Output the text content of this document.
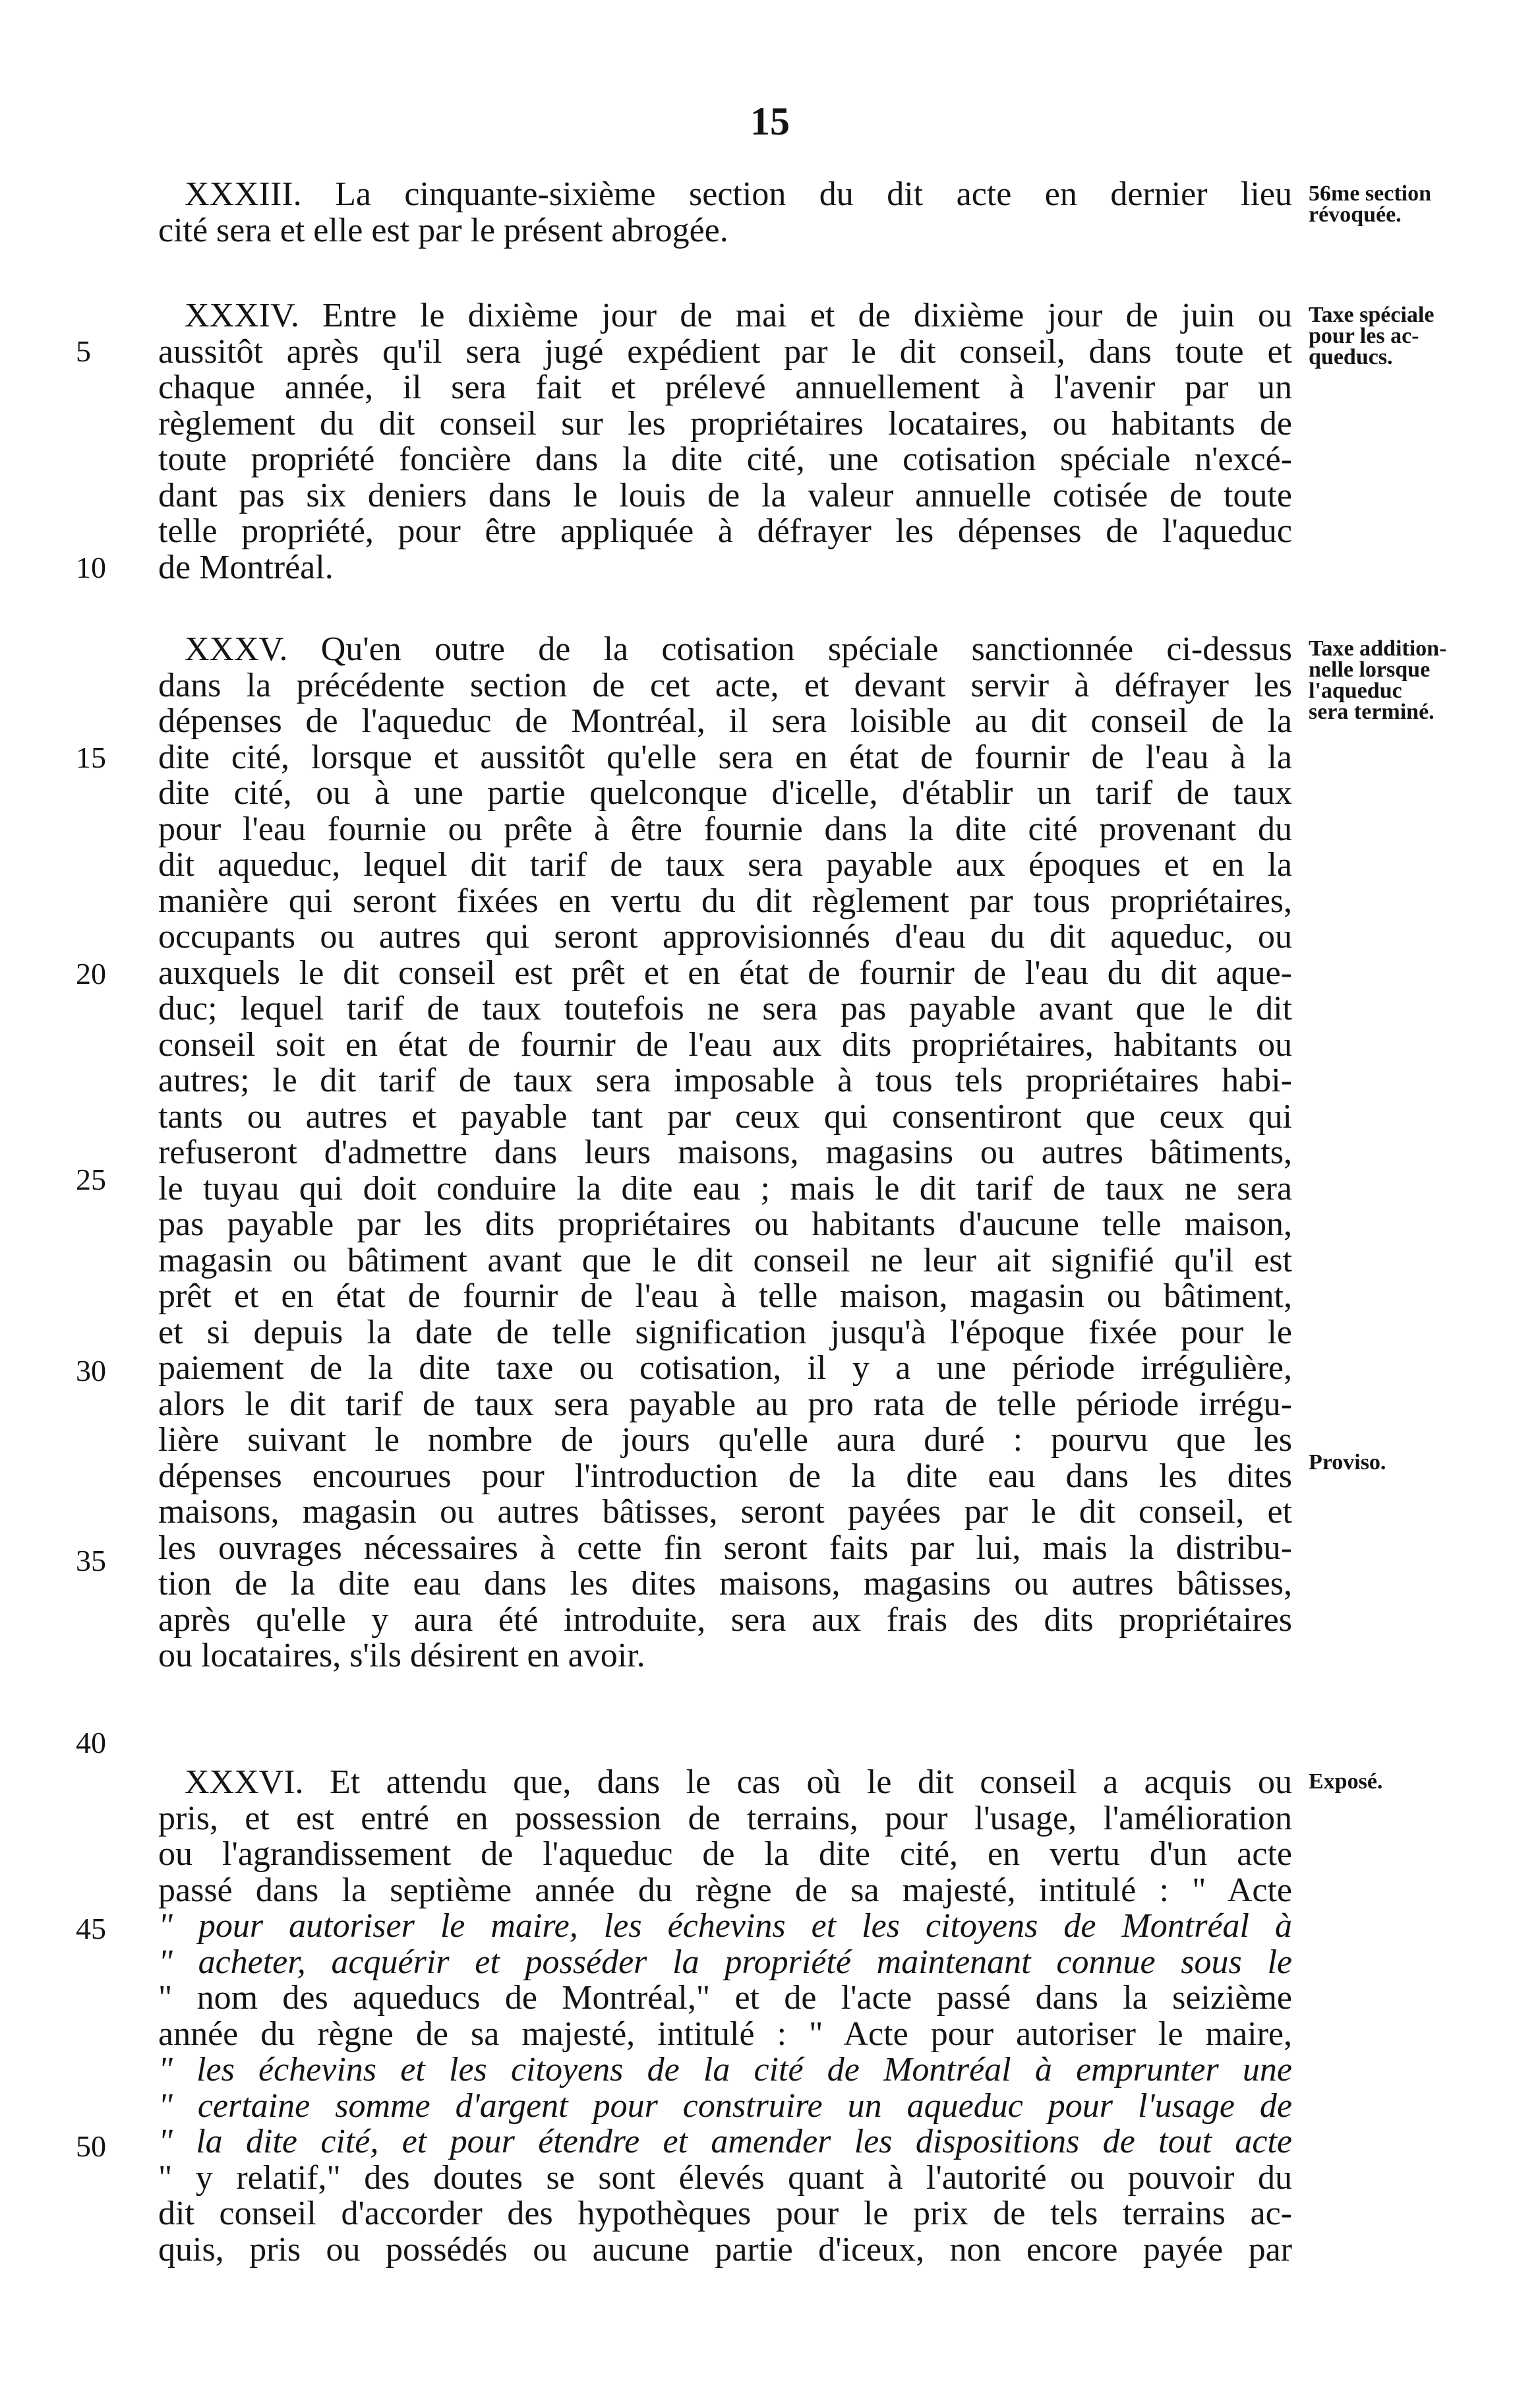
15
XXXIII. La cinquante-sixième section du dit acte en dernier lieu
cité sera et elle est par le présent abrogée.
XXXIV. Entre le dixième jour de mai et de dixième jour de juin ou
aussitôt après qu'il sera jugé expédient par le dit conseil, dans toute et
chaque année, il sera fait et prélevé annuellement à l'avenir par un
règlement du dit conseil sur les propriétaires locataires, ou habitants de
toute propriété foncière dans la dite cité, une cotisation spéciale n'excé-
dant pas six deniers dans le louis de la valeur annuelle cotisée de toute
telle propriété, pour être appliquée à défrayer les dépenses de l'aqueduc
de Montréal.
XXXV. Qu'en outre de la cotisation spéciale sanctionnée ci-dessus
dans la précédente section de cet acte, et devant servir à défrayer les
dépenses de l'aqueduc de Montréal, il sera loisible au dit conseil de la
dite cité, lorsque et aussitôt qu'elle sera en état de fournir de l'eau à la
dite cité, ou à une partie quelconque d'icelle, d'établir un tarif de taux
pour l'eau fournie ou prête à être fournie dans la dite cité provenant du
dit aqueduc, lequel dit tarif de taux sera payable aux époques et en la
manière qui seront fixées en vertu du dit règlement par tous propriétaires,
occupants ou autres qui seront approvisionnés d'eau du dit aqueduc, ou
auxquels le dit conseil est prêt et en état de fournir de l'eau du dit aque-
duc; lequel tarif de taux toutefois ne sera pas payable avant que le dit
conseil soit en état de fournir de l'eau aux dits propriétaires, habitants ou
autres; le dit tarif de taux sera imposable à tous tels propriétaires habi-
tants ou autres et payable tant par ceux qui consentiront que ceux qui
refuseront d'admettre dans leurs maisons, magasins ou autres bâtiments,
le tuyau qui doit conduire la dite eau ; mais le dit tarif de taux ne sera
pas payable par les dits propriétaires ou habitants d'aucune telle maison,
magasin ou bâtiment avant que le dit conseil ne leur ait signifié qu'il est
prêt et en état de fournir de l'eau à telle maison, magasin ou bâtiment,
et si depuis la date de telle signification jusqu'à l'époque fixée pour le
paiement de la dite taxe ou cotisation, il y a une période irrégulière,
alors le dit tarif de taux sera payable au pro rata de telle période irrégu-
lière suivant le nombre de jours qu'elle aura duré : pourvu que les
dépenses encourues pour l'introduction de la dite eau dans les dites
maisons, magasin ou autres bâtisses, seront payées par le dit conseil, et
les ouvrages nécessaires à cette fin seront faits par lui, mais la distribu-
tion de la dite eau dans les dites maisons, magasins ou autres bâtisses,
après qu'elle y aura été introduite, sera aux frais des dits propriétaires
ou locataires, s'ils désirent en avoir.
XXXVI. Et attendu que, dans le cas où le dit conseil a acquis ou
pris, et est entré en possession de terrains, pour l'usage, l'amélioration
ou l'agrandissement de l'aqueduc de la dite cité, en vertu d'un acte
passé dans la septième année du règne de sa majesté, intitulé : " Acte
" pour autoriser le maire, les échevins et les citoyens de Montréal à
" acheter, acquérir et posséder la propriété maintenant connue sous le
" nom des aqueducs de Montréal," et de l'acte passé dans la seizième
année du règne de sa majesté, intitulé : " Acte pour autoriser le maire,
" les échevins et les citoyens de la cité de Montréal à emprunter une
" certaine somme d'argent pour construire un aqueduc pour l'usage de
" la dite cité, et pour étendre et amender les dispositions de tout acte
" y relatif," des doutes se sont élevés quant à l'autorité ou pouvoir du
dit conseil d'accorder des hypothèques pour le prix de tels terrains ac-
quis, pris ou possédés ou aucune partie d'iceux, non encore payée par
5
10
15
20
25
30
35
40
45
50
56me section
révoquée.
Taxe spéciale
pour les ac-
queducs.
Taxe addition-
nelle lorsque
l'aqueduc
sera terminé.
Proviso.
Exposé.
